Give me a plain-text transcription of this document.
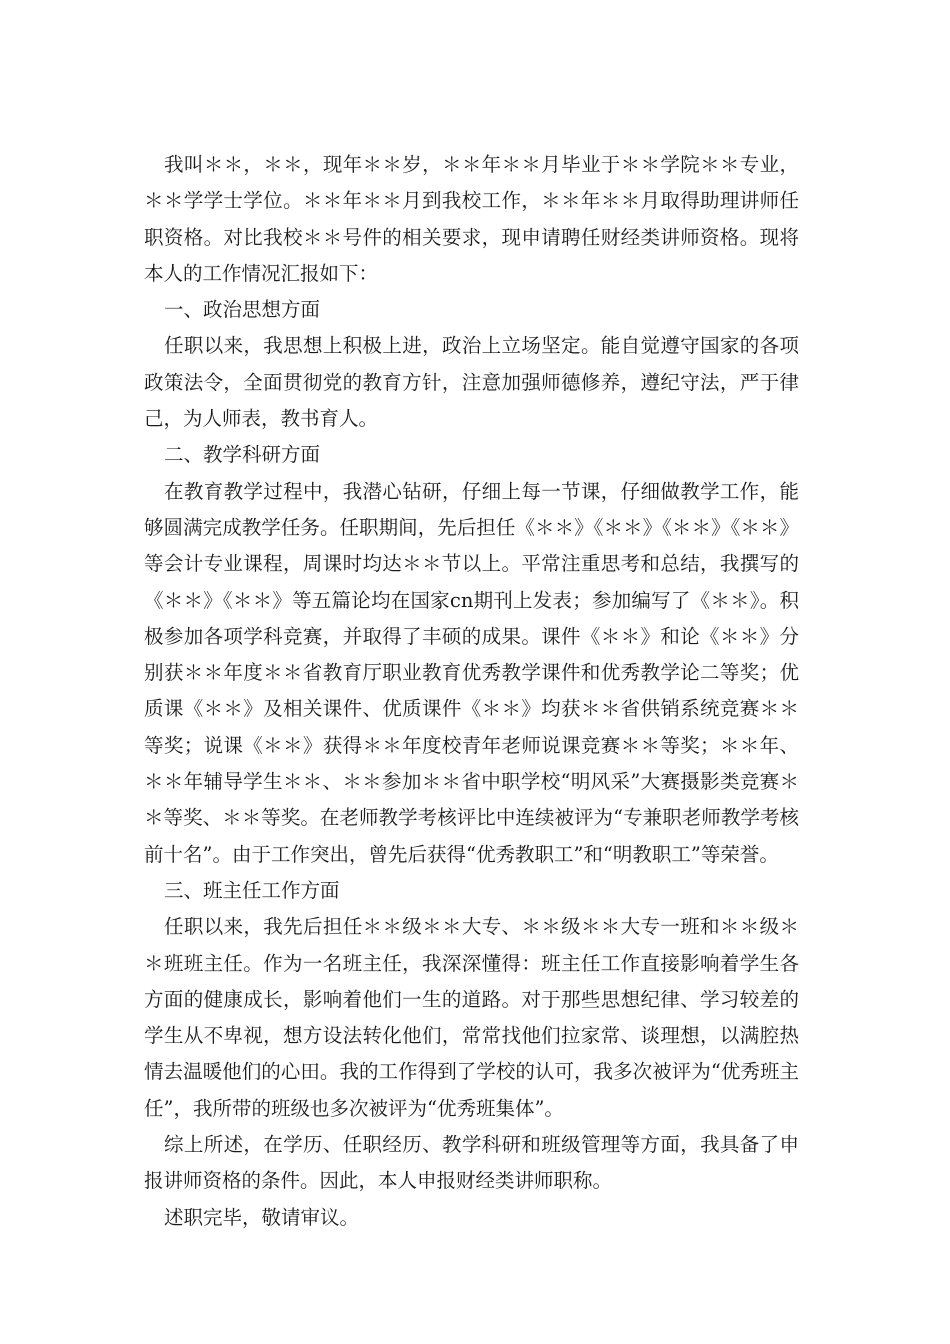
我叫＊＊，＊＊，现年＊＊岁，＊＊年＊＊月毕业于＊＊学院＊＊专业，＊＊学学士学位。＊＊年＊＊月到我校工作，＊＊年＊＊月取得助理讲师任职资格。对比我校＊＊号件的相关要求，现申请聘任财经类讲师资格。现将本人的工作情况汇报如下：

一、政治思想方面

任职以来，我思想上积极上进，政治上立场坚定。能自觉遵守国家的各项政策法令，全面贯彻党的教育方针，注意加强师德修养，遵纪守法，严于律己，为人师表，教书育人。

二、教学科研方面

在教育教学过程中，我潜心钻研，仔细上每一节课，仔细做教学工作，能够圆满完成教学任务。任职期间，先后担任《＊＊》《＊＊》《＊＊》《＊＊》等会计专业课程，周课时均达＊＊节以上。平常注重思考和总结，我撰写的《＊＊》《＊＊》等五篇论均在国家cn期刊上发表；参加编写了《＊＊》。积极参加各项学科竞赛，并取得了丰硕的成果。课件《＊＊》和论《＊＊》分别获＊＊年度＊＊省教育厅职业教育优秀教学课件和优秀教学论二等奖；优质课《＊＊》及相关课件、优质课件《＊＊》均获＊＊省供销系统竞赛＊＊等奖；说课《＊＊》获得＊＊年度校青年老师说课竞赛＊＊等奖；＊＊年、＊＊年辅导学生＊＊、＊＊参加＊＊省中职学校“明风采”大赛摄影类竞赛＊＊等奖、＊＊等奖。在老师教学考核评比中连续被评为“专兼职老师教学考核前十名”。由于工作突出，曾先后获得“优秀教职工”和“明教职工”等荣誉。

三、班主任工作方面

任职以来，我先后担任＊＊级＊＊大专、＊＊级＊＊大专一班和＊＊级＊＊班班主任。作为一名班主任，我深深懂得：班主任工作直接影响着学生各方面的健康成长，影响着他们一生的道路。对于那些思想纪律、学习较差的学生从不卑视，想方设法转化他们，常常找他们拉家常、谈理想，以满腔热情去温暖他们的心田。我的工作得到了学校的认可，我多次被评为“优秀班主任”，我所带的班级也多次被评为“优秀班集体”。

综上所述，在学历、任职经历、教学科研和班级管理等方面，我具备了申报讲师资格的条件。因此，本人申报财经类讲师职称。

述职完毕，敬请审议。
